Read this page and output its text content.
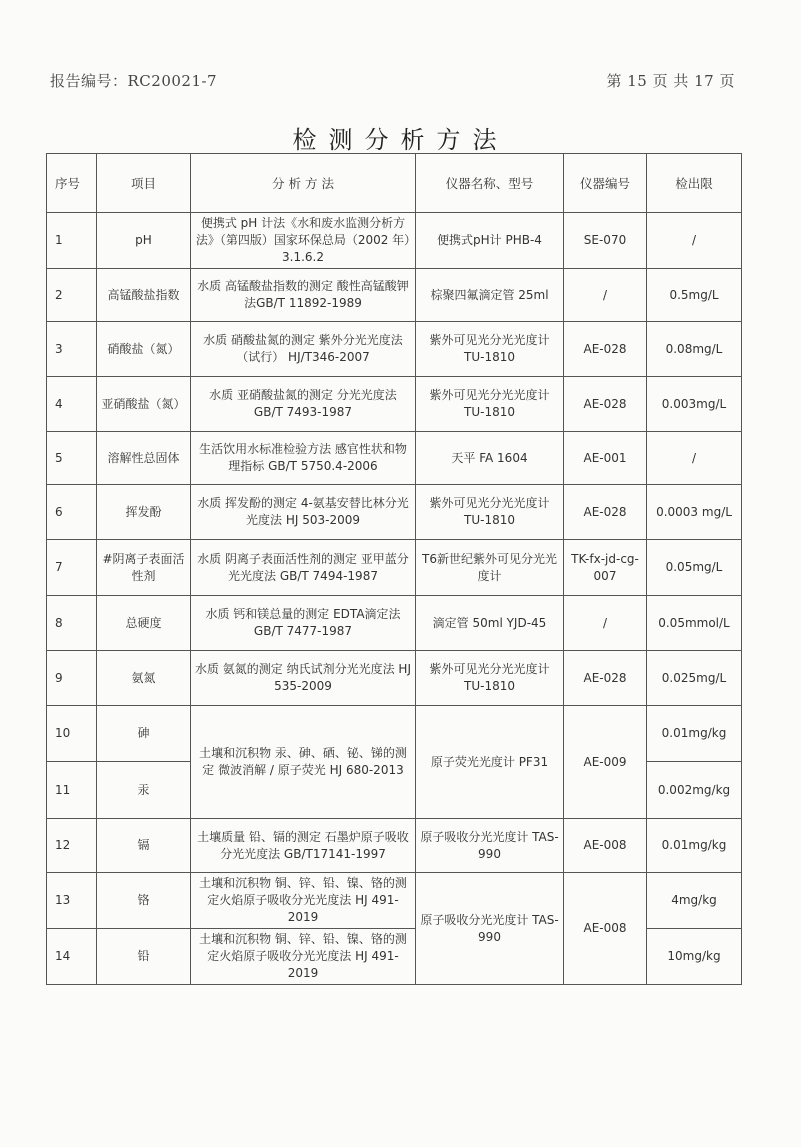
报告编号：RC20021-7	第 15 页 共 17 页
检测分析方法
序号	项目	分 析 方 法	仪器名称、型号	仪器编号	检出限
1	pH	便携式 pH 计法《水和废水监测分析方法》（第四版）国家环保总局（2002 年）3.1.6.2	便携式pH计 PHB-4	SE-070	/
2	高锰酸盐指数	水质 高锰酸盐指数的测定 酸性高锰酸钾法GB/T 11892-1989	棕聚四氟滴定管 25ml	/	0.5mg/L
3	硝酸盐（氮）	水质 硝酸盐氮的测定 紫外分光光度法（试行） HJ/T346-2007	紫外可见光分光光度计 TU-1810	AE-028	0.08mg/L
4	亚硝酸盐（氮）	水质 亚硝酸盐氮的测定 分光光度法 GB/T 7493-1987	紫外可见光分光光度计 TU-1810	AE-028	0.003mg/L
5	溶解性总固体	生活饮用水标准检验方法 感官性状和物理指标 GB/T 5750.4-2006	天平 FA 1604	AE-001	/
6	挥发酚	水质 挥发酚的测定 4-氨基安替比林分光光度法 HJ 503-2009	紫外可见光分光光度计 TU-1810	AE-028	0.0003 mg/L
7	#阴离子表面活性剂	水质 阴离子表面活性剂的测定 亚甲蓝分光光度法 GB/T 7494-1987	T6新世纪紫外可见分光光度计	TK-fx-jd-cg-007	0.05mg/L
8	总硬度	水质 钙和镁总量的测定 EDTA滴定法 GB/T 7477-1987	滴定管 50ml YJD-45	/	0.05mmol/L
9	氨氮	水质 氨氮的测定 纳氏试剂分光光度法 HJ 535-2009	紫外可见光分光光度计 TU-1810	AE-028	0.025mg/L
10	砷	土壤和沉积物 汞、砷、硒、铋、锑的测定 微波消解 / 原子荧光 HJ 680-2013	原子荧光光度计 PF31	AE-009	0.01mg/kg
11	汞				0.002mg/kg
12	镉	土壤质量 铅、镉的测定 石墨炉原子吸收分光光度法 GB/T17141-1997	原子吸收分光光度计 TAS-990	AE-008	0.01mg/kg
13	铬	土壤和沉积物 铜、锌、铅、镍、铬的测定火焰原子吸收分光光度法 HJ 491-2019	原子吸收分光光度计 TAS-990	AE-008	4mg/kg
14	铅	土壤和沉积物 铜、锌、铅、镍、铬的测定火焰原子吸收分光光度法 HJ 491-2019			10mg/kg
